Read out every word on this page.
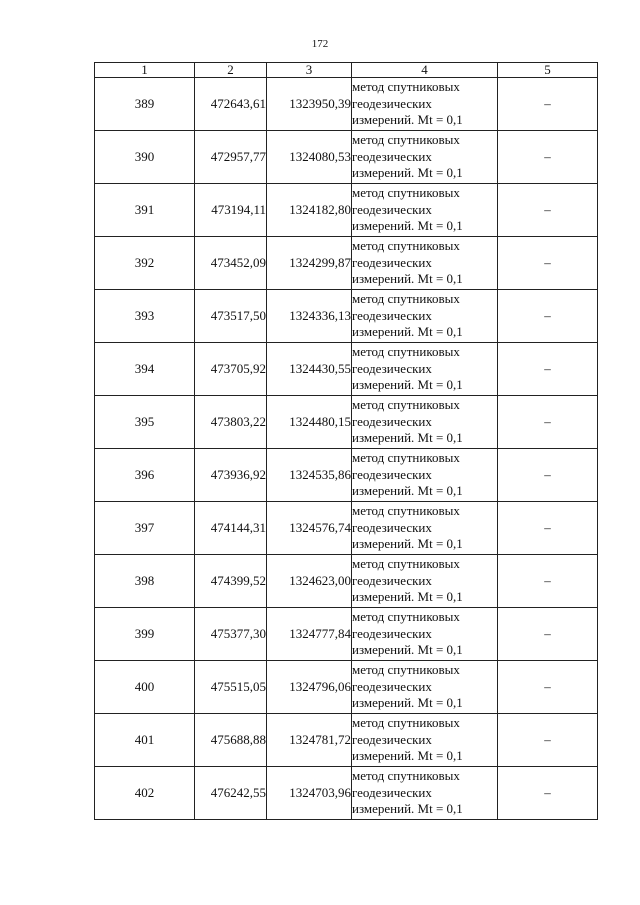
172
1	2	3	4	5
389	472643,61	1323950,39	метод спутниковых
геодезических
измерений. Mt = 0,1	–
390	472957,77	1324080,53	метод спутниковых
геодезических
измерений. Mt = 0,1	–
391	473194,11	1324182,80	метод спутниковых
геодезических
измерений. Mt = 0,1	–
392	473452,09	1324299,87	метод спутниковых
геодезических
измерений. Mt = 0,1	–
393	473517,50	1324336,13	метод спутниковых
геодезических
измерений. Mt = 0,1	–
394	473705,92	1324430,55	метод спутниковых
геодезических
измерений. Mt = 0,1	–
395	473803,22	1324480,15	метод спутниковых
геодезических
измерений. Mt = 0,1	–
396	473936,92	1324535,86	метод спутниковых
геодезических
измерений. Mt = 0,1	–
397	474144,31	1324576,74	метод спутниковых
геодезических
измерений. Mt = 0,1	–
398	474399,52	1324623,00	метод спутниковых
геодезических
измерений. Mt = 0,1	–
399	475377,30	1324777,84	метод спутниковых
геодезических
измерений. Mt = 0,1	–
400	475515,05	1324796,06	метод спутниковых
геодезических
измерений. Mt = 0,1	–
401	475688,88	1324781,72	метод спутниковых
геодезических
измерений. Mt = 0,1	–
402	476242,55	1324703,96	метод спутниковых
геодезических
измерений. Mt = 0,1	–
